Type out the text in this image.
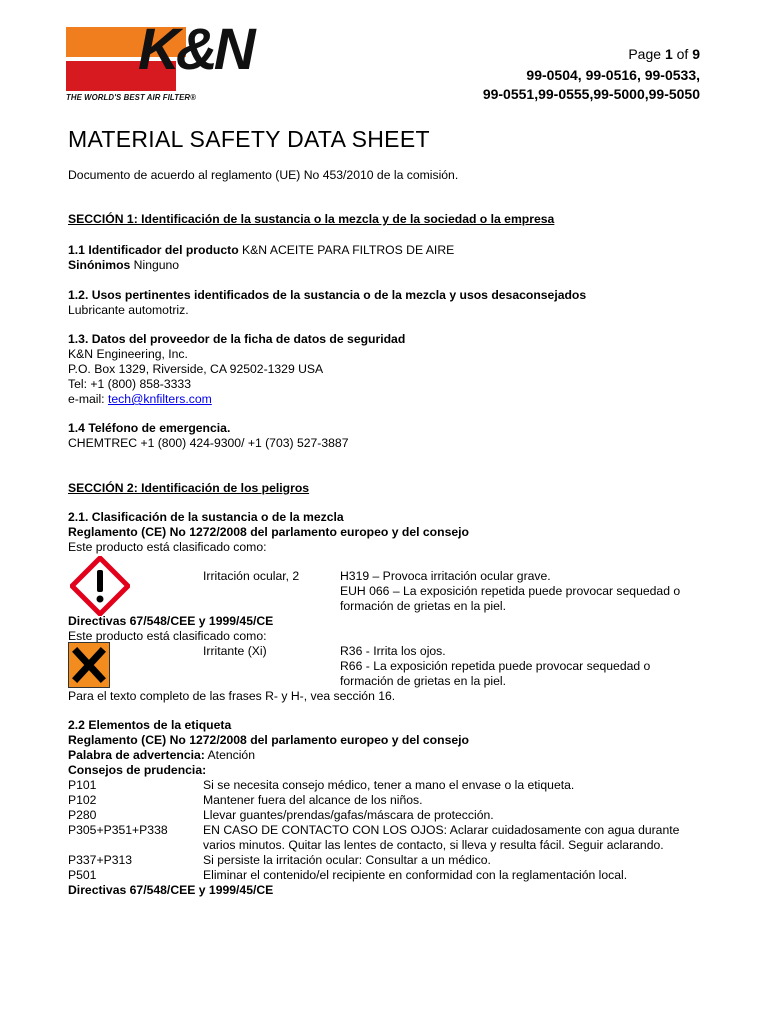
K&N
THE WORLD'S BEST AIR FILTER®
Page 1 of 9
99-0504, 99-0516, 99-0533,
99-0551,99-0555,99-5000,99-5050
MATERIAL SAFETY DATA SHEET
Documento de acuerdo al reglamento (UE) No 453/2010 de la comisión.
SECCIÓN 1: Identificación de la sustancia o la mezcla y de la sociedad o la empresa
1.1 Identificador del producto K&N ACEITE PARA FILTROS DE AIRE
Sinónimos Ninguno
1.2. Usos pertinentes identificados de la sustancia o de la mezcla y usos desaconsejados
Lubricante automotriz.
1.3. Datos del proveedor de la ficha de datos de seguridad
K&N Engineering, Inc.
P.O. Box 1329, Riverside, CA 92502-1329 USA
Tel: +1 (800) 858-3333
e-mail: tech@knfilters.com
1.4 Teléfono de emergencia.
CHEMTREC +1 (800) 424-9300/ +1 (703) 527-3887
SECCIÓN 2: Identificación de los peligros
2.1. Clasificación de la sustancia o de la mezcla
Reglamento (CE) No 1272/2008 del parlamento europeo y del consejo
Este producto está clasificado como:
Irritación ocular, 2	H319 – Provoca irritación ocular grave.
EUH 066 – La exposición repetida puede provocar sequedad o
formación de grietas en la piel.
Directivas 67/548/CEE y 1999/45/CE
Este producto está clasificado como:
Irritante (Xi)	R36 - Irrita los ojos.
R66 - La exposición repetida puede provocar sequedad o
formación de grietas en la piel.
Para el texto completo de las frases R- y H-, vea sección 16.
2.2 Elementos de la etiqueta
Reglamento (CE) No 1272/2008 del parlamento europeo y del consejo
Palabra de advertencia: Atención
Consejos de prudencia:
P101	Si se necesita consejo médico, tener a mano el envase o la etiqueta.
P102	Mantener fuera del alcance de los niños.
P280	Llevar guantes/prendas/gafas/máscara de protección.
P305+P351+P338	EN CASO DE CONTACTO CON LOS OJOS: Aclarar cuidadosamente con agua durante
varios minutos. Quitar las lentes de contacto, si lleva y resulta fácil. Seguir aclarando.
P337+P313	Si persiste la irritación ocular: Consultar a un médico.
P501	Eliminar el contenido/el recipiente en conformidad con la reglamentación local.
Directivas 67/548/CEE y 1999/45/CE
